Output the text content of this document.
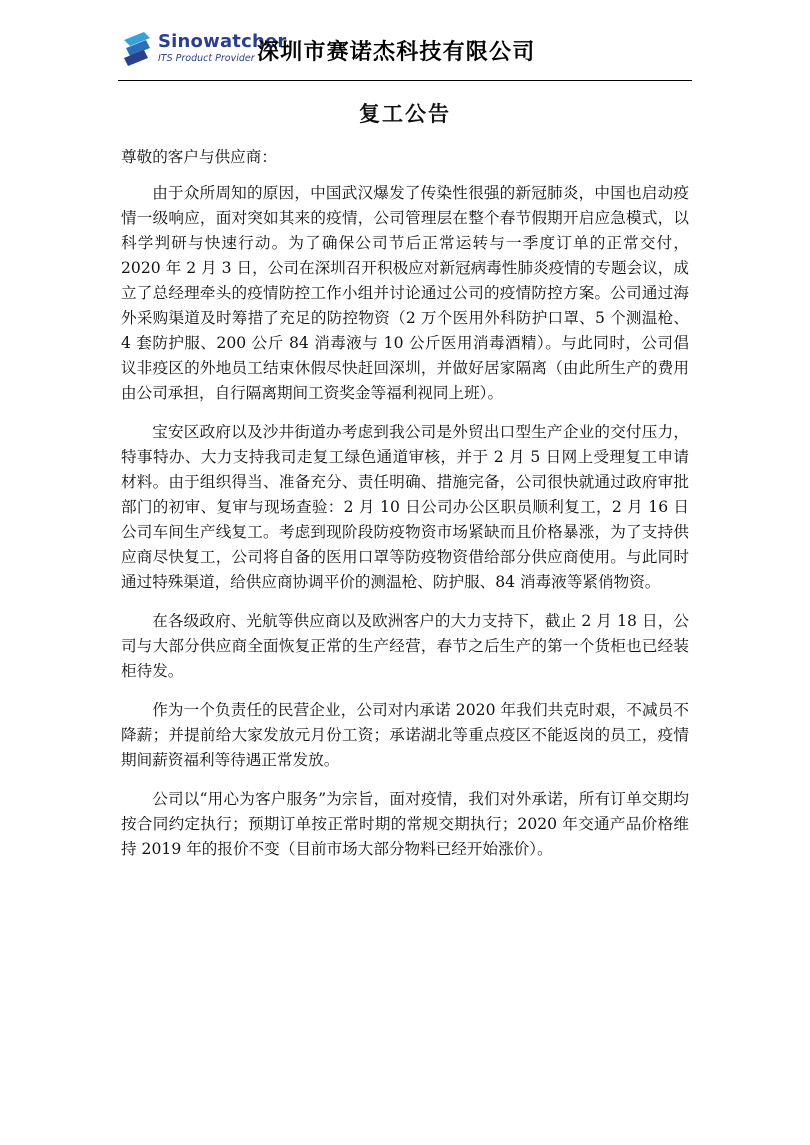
Sinowatcher
ITS Product Provider 深圳市赛诺杰科技有限公司
复工公告

尊敬的客户与供应商：

由于众所周知的原因，中国武汉爆发了传染性很强的新冠肺炎，中国也启动疫情一级响应，面对突如其来的疫情，公司管理层在整个春节假期开启应急模式，以科学判研与快速行动。为了确保公司节后正常运转与一季度订单的正常交付，2020 年 2 月 3 日，公司在深圳召开积极应对新冠病毒性肺炎疫情的专题会议，成立了总经理牵头的疫情防控工作小组并讨论通过公司的疫情防控方案。公司通过海外采购渠道及时筹措了充足的防控物资（2 万个医用外科防护口罩、5 个测温枪、4 套防护服、200 公斤 84 消毒液与 10 公斤医用消毒酒精）。与此同时，公司倡议非疫区的外地员工结束休假尽快赶回深圳，并做好居家隔离（由此所生产的费用由公司承担，自行隔离期间工资奖金等福利视同上班）。

宝安区政府以及沙井街道办考虑到我公司是外贸出口型生产企业的交付压力，特事特办、大力支持我司走复工绿色通道审核，并于 2 月 5 日网上受理复工申请材料。由于组织得当、准备充分、责任明确、措施完备，公司很快就通过政府审批部门的初审、复审与现场查验：2 月 10 日公司办公区职员顺利复工，2 月 16 日公司车间生产线复工。考虑到现阶段防疫物资市场紧缺而且价格暴涨，为了支持供应商尽快复工，公司将自备的医用口罩等防疫物资借给部分供应商使用。与此同时通过特殊渠道，给供应商协调平价的测温枪、防护服、84 消毒液等紧俏物资。

在各级政府、光航等供应商以及欧洲客户的大力支持下，截止 2 月 18 日，公司与大部分供应商全面恢复正常的生产经营，春节之后生产的第一个货柜也已经装柜待发。

作为一个负责任的民营企业，公司对内承诺 2020 年我们共克时艰，不减员不降薪；并提前给大家发放元月份工资；承诺湖北等重点疫区不能返岗的员工，疫情期间薪资福利等待遇正常发放。

公司以“用心为客户服务”为宗旨，面对疫情，我们对外承诺，所有订单交期均按合同约定执行；预期订单按正常时期的常规交期执行；2020 年交通产品价格维持 2019 年的报价不变（目前市场大部分物料已经开始涨价）。
